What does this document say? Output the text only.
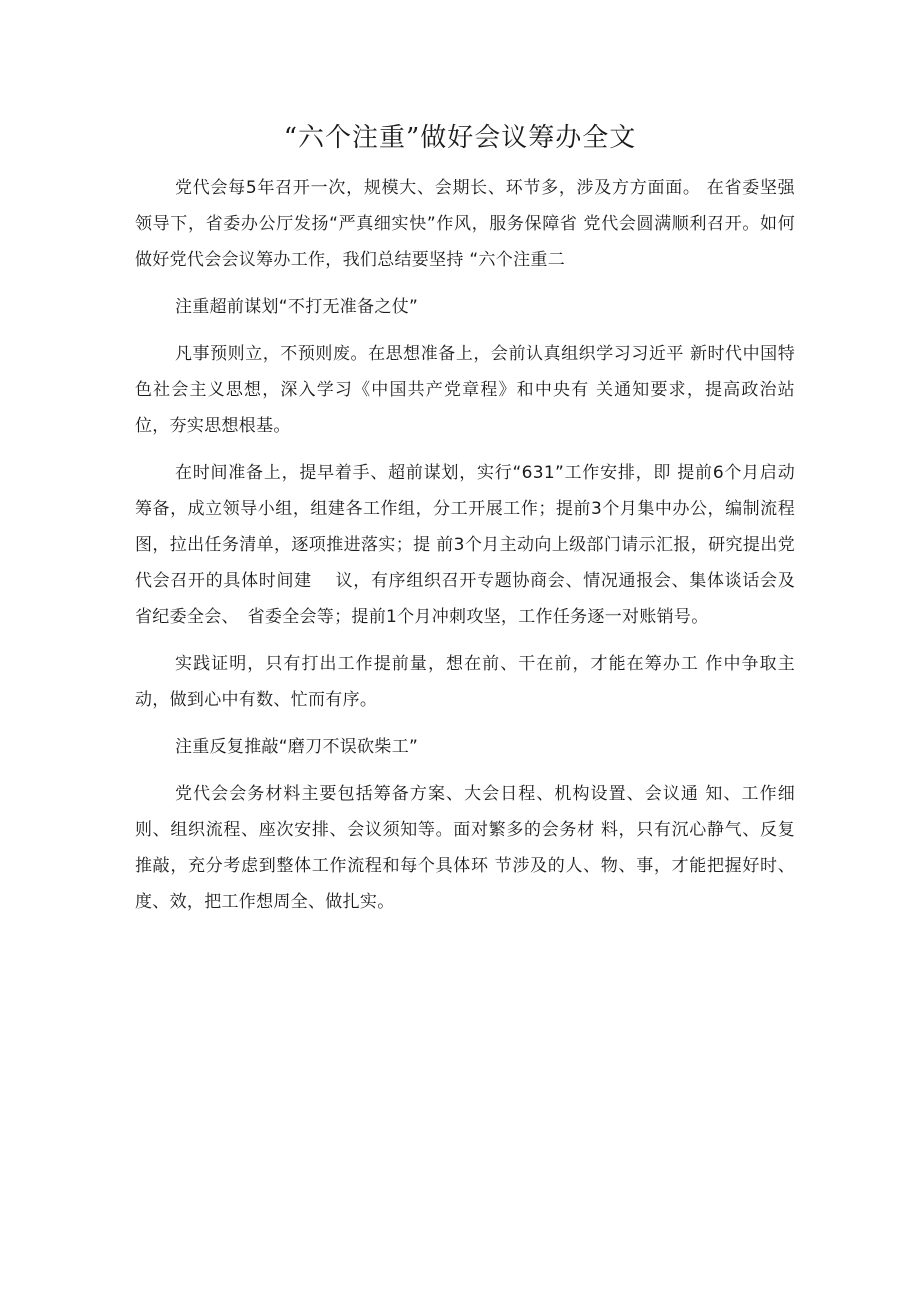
“六个注重”做好会议筹办全文

党代会每5年召开一次，规模大、会期长、环节多，涉及方方面面。 在省委坚强领导下，省委办公厅发扬“严真细实快”作风，服务保障省 党代会圆满顺利召开。如何做好党代会会议筹办工作，我们总结要坚持 “六个注重二

注重超前谋划“不打无准备之仗”

凡事预则立，不预则废。在思想准备上，会前认真组织学习习近平 新时代中国特色社会主义思想，深入学习《中国共产党章程》和中央有 关通知要求，提高政治站位，夯实思想根基。

在时间准备上，提早着手、超前谋划，实行“631”工作安排，即 提前6个月启动筹备，成立领导小组，组建各工作组，分工开展工作；提前3个月集中办公，编制流程图，拉出任务清单，逐项推进落实；提 前3个月主动向上级部门请示汇报，研究提出党代会召开的具体时间建　 议，有序组织召开专题协商会、情况通报会、集体谈话会及省纪委全会、　省委全会等；提前1个月冲刺攻坚，工作任务逐一对账销号。

实践证明，只有打出工作提前量，想在前、干在前，才能在筹办工 作中争取主动，做到心中有数、忙而有序。

注重反复推敲“磨刀不误砍柴工”

党代会会务材料主要包括筹备方案、大会日程、机构设置、会议通 知、工作细则、组织流程、座次安排、会议须知等。面对繁多的会务材 料，只有沉心静气、反复推敲，充分考虑到整体工作流程和每个具体环 节涉及的人、物、事，才能把握好时、度、效，把工作想周全、做扎实。
